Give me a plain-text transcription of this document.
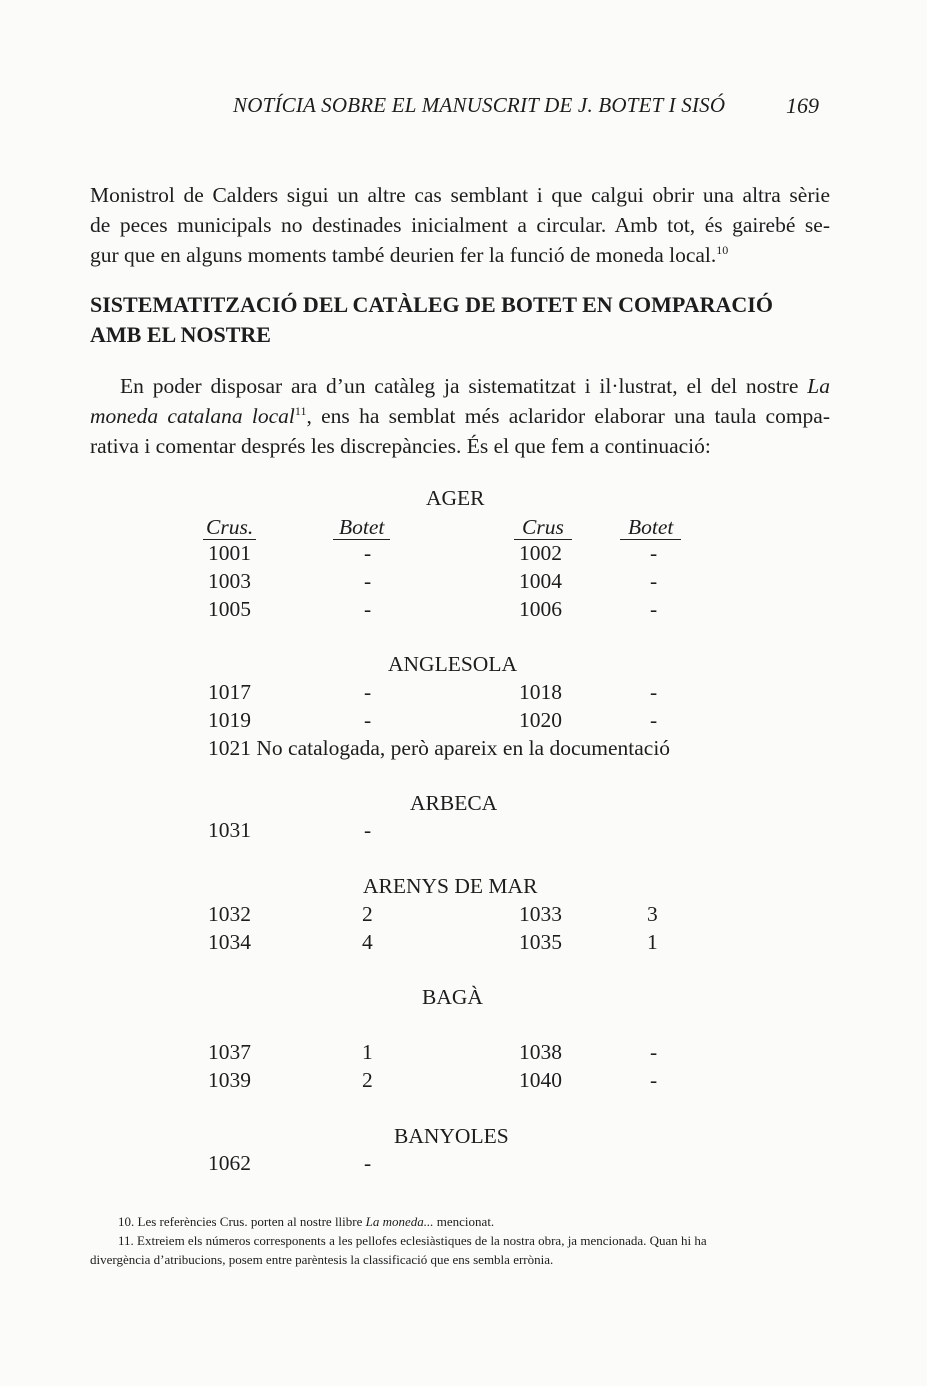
NOTÍCIA SOBRE EL MANUSCRIT DE J. BOTET I SISÓ	169
Monistrol de Calders sigui un altre cas semblant i que calgui obrir una altra sèrie
de peces municipals no destinades inicialment a circular. Amb tot, és gairebé se-
gur que en alguns moments també deurien fer la funció de moneda local.$^{10}$
SISTEMATITZACIÓ DEL CATÀLEG DE BOTET EN COMPARACIÓ
AMB EL NOSTRE
En poder disposar ara d’un catàleg ja sistematitzat i il·lustrat, el del nostre La
moneda catalana local$^{11}$, ens ha semblat més aclaridor elaborar una taula compa-
rativa i comentar després les discrepàncies. És el que fem a continuació:
AGER
Crus.	Botet	Crus	Botet
1001	-	1002	-
1003	-	1004	-
1005	-	1006	-
ANGLESOLA
1017	-	1018	-
1019	-	1020	-
1021 No catalogada, però apareix en la documentació
ARBECA
1031	-
ARENYS DE MAR
1032	2	1033	3
1034	4	1035	1
BAGÀ
1037	1	1038	-
1039	2	1040	-
BANYOLES
1062	-
10. Les referències Crus. porten al nostre llibre La moneda... mencionat.
11. Extreiem els números corresponents a les pellofes eclesiàstiques de la nostra obra, ja mencionada. Quan hi ha
divergència d’atribucions, posem entre parèntesis la classificació que ens sembla errònia.
